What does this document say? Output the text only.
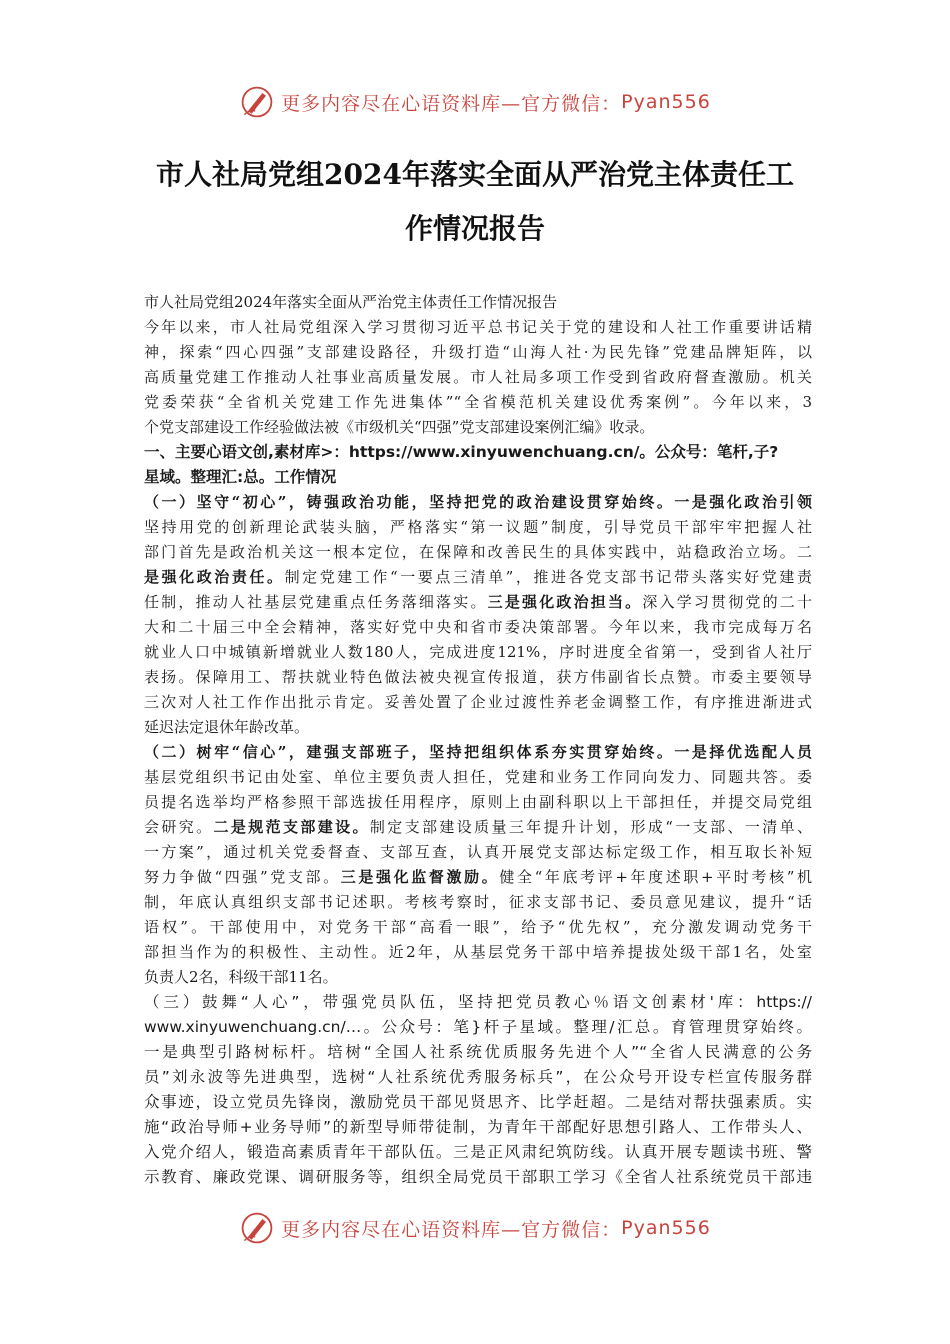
更多内容尽在心语资料库—官方微信： Pyan556
市人社局党组2024年落实全面从严治党主体责任工
作情况报告
市人社局党组2024年落实全面从严治党主体责任工作情况报告
今年以来，市人社局党组深入学习贯彻习近平总书记关于党的建设和人社工作重要讲话精
神，探索“四心四强”支部建设路径，升级打造“山海人社·为民先锋”党建品牌矩阵，以
高质量党建工作推动人社事业高质量发展。市人社局多项工作受到省政府督查激励。机关
党委荣获“全省机关党建工作先进集体”“全省模范机关建设优秀案例”。今年以来，3
个党支部建设工作经验做法被《市级机关“四强”党支部建设案例汇编》收录。
一、主要心语文创,素材库>：https://www.xinyuwenchuang.cn/。公众号：笔杆,子?
星域。整理汇:总。工作情况
（一）坚守“初心”，铸强政治功能，坚持把党的政治建设贯穿始终。一是强化政治引领
坚持用党的创新理论武装头脑，严格落实“第一议题”制度，引导党员干部牢牢把握人社
部门首先是政治机关这一根本定位，在保障和改善民生的具体实践中，站稳政治立场。二
是强化政治责任。制定党建工作“一要点三清单”，推进各党支部书记带头落实好党建责
任制，推动人社基层党建重点任务落细落实。三是强化政治担当。深入学习贯彻党的二十
大和二十届三中全会精神，落实好党中央和省市委决策部署。今年以来，我市完成每万名
就业人口中城镇新增就业人数180人，完成进度121%，序时进度全省第一，受到省人社厅
表扬。保障用工、帮扶就业特色做法被央视宣传报道，获方伟副省长点赞。市委主要领导
三次对人社工作作出批示肯定。妥善处置了企业过渡性养老金调整工作，有序推进渐进式
延迟法定退休年龄改革。
（二）树牢“信心”，建强支部班子，坚持把组织体系夯实贯穿始终。一是择优选配人员
基层党组织书记由处室、单位主要负责人担任，党建和业务工作同向发力、同题共答。委
员提名选举均严格参照干部选拔任用程序，原则上由副科职以上干部担任，并提交局党组
会研究。二是规范支部建设。制定支部建设质量三年提升计划，形成“一支部、一清单、
一方案”，通过机关党委督查、支部互查，认真开展党支部达标定级工作，相互取长补短
努力争做“四强”党支部。三是强化监督激励。健全“年底考评+年度述职+平时考核”机
制，年底认真组织支部书记述职。考核考察时，征求支部书记、委员意见建议，提升“话
语权”。干部使用中，对党务干部“高看一眼”，给予“优先权”，充分激发调动党务干
部担当作为的积极性、主动性。近2年，从基层党务干部中培养提拔处级干部1名，处室
负责人2名，科级干部11名。
（三）鼓舞“人心”，带强党员队伍，坚持把党员教心％语文创素材'库：https://
www.xinyuwenchuang.cn/…。公众号：笔}杆子星域。整理/汇总。育管理贯穿始终。
一是典型引路树标杆。培树“全国人社系统优质服务先进个人”“全省人民满意的公务
员”刘永波等先进典型，选树“人社系统优秀服务标兵”，在公众号开设专栏宣传服务群
众事迹，设立党员先锋岗，激励党员干部见贤思齐、比学赶超。二是结对帮扶强素质。实
施“政治导师+业务导师”的新型导师带徒制，为青年干部配好思想引路人、工作带头人、
入党介绍人，锻造高素质青年干部队伍。三是正风肃纪筑防线。认真开展专题读书班、警
示教育、廉政党课、调研服务等，组织全局党员干部职工学习《全省人社系统党员干部违
更多内容尽在心语资料库—官方微信： Pyan556
